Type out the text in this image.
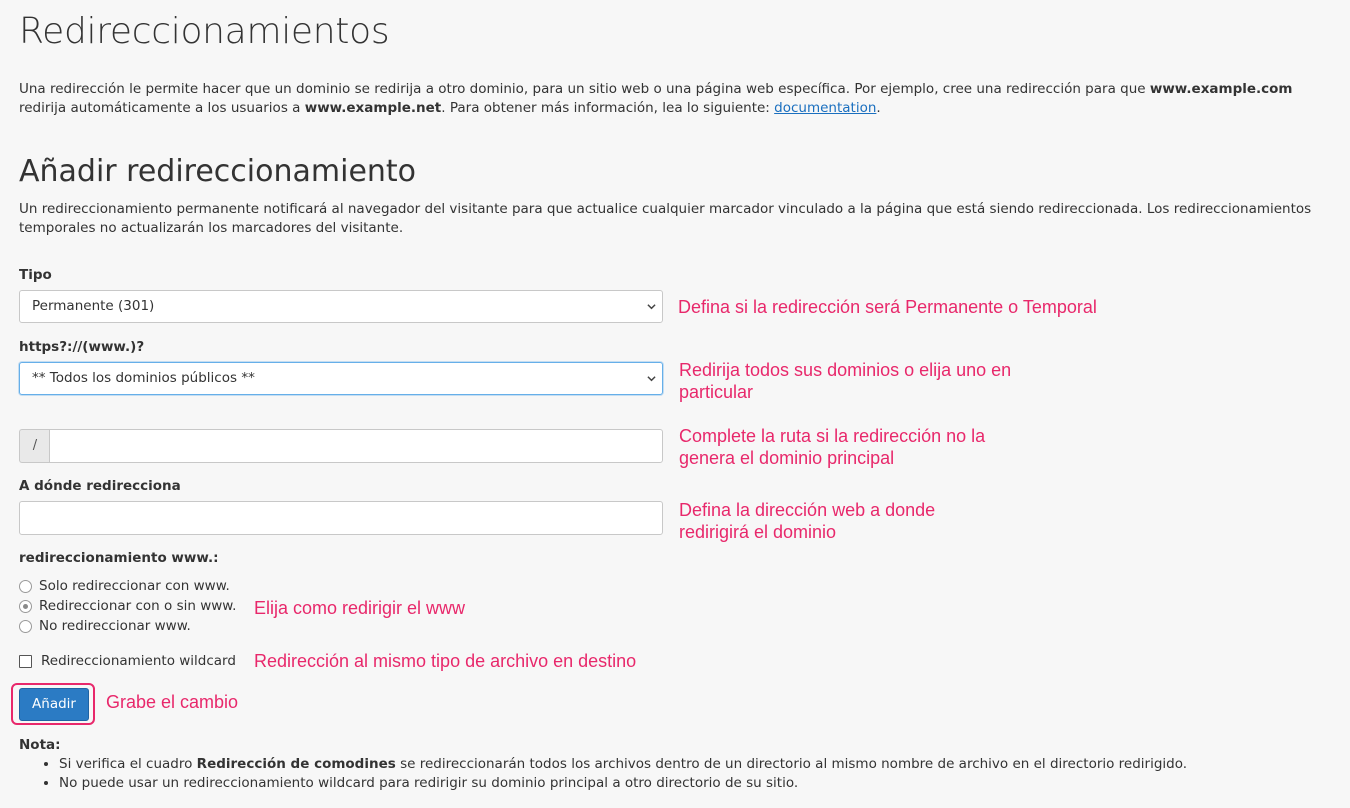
Redireccionamientos
Una redirección le permite hacer que un dominio se redirija a otro dominio, para un sitio web o una página web específica. Por ejemplo, cree una redirección para que www.example.com redirija automáticamente a los usuarios a www.example.net. Para obtener más información, lea lo siguiente: documentation.
Añadir redireccionamiento
Un redireccionamiento permanente notificará al navegador del visitante para que actualice cualquier marcador vinculado a la página que está siendo redireccionada. Los redireccionamientos temporales no actualizarán los marcadores del visitante.
Tipo
Permanente (301)	Defina si la redirección será Permanente o Temporal
https?://(www.)?
** Todos los dominios públicos **	Redirija todos sus dominios o elija uno en particular
/	Complete la ruta si la redirección no la genera el dominio principal
A dónde redirecciona
Defina la dirección web a donde redirigirá el dominio
redireccionamiento www.:
Solo redireccionar con www.
Redireccionar con o sin www.
No redireccionar www.
Elija como redirigir el www
Redireccionamiento wildcard Redirección al mismo tipo de archivo en destino
Añadir	Grabe el cambio
Nota:
• Si verifica el cuadro Redirección de comodines se redireccionarán todos los archivos dentro de un directorio al mismo nombre de archivo en el directorio redirigido.
• No puede usar un redireccionamiento wildcard para redirigir su dominio principal a otro directorio de su sitio.
